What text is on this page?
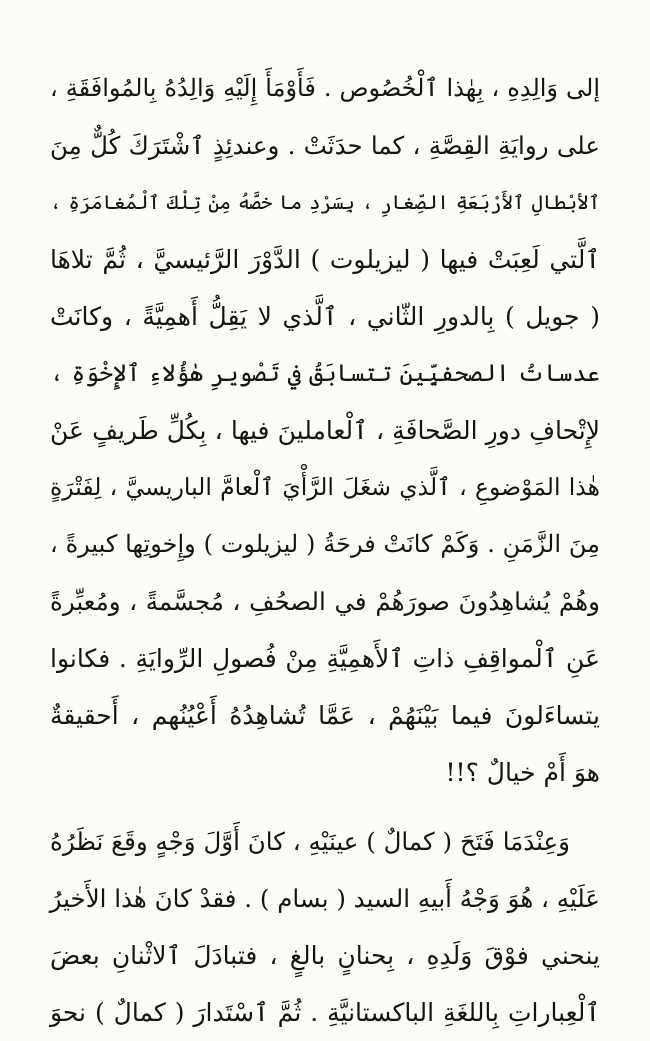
إلى وَالِدِهِ ، بِهٰذا ٱلْخُصُوص . فَأَوْمَأَ إِلَيْهِ وَالِدُهُ بِالمُوافَقَةِ ،
على روايَةِ القِصَّةِ ، كما حدَثَتْ . وعندئِذٍ ٱشْتَرَكَ كُلٌّ مِنَ
ٱلأبْطالِ ٱلأَرْبَعَةِ الصِّغارِ ، بِسَرْدِ ما خصَّهُ مِنْ تِلْكَ ٱلْمُغامَرَةِ ،
ٱلَّتي لَعِبَتْ فيها ( ليزيلوت ) الدَّوْرَ الرَّئيسيَّ ، ثُمَّ تلاهَا
( جويل ) بِالدورِ الثّاني ، ٱلَّذي لا يَقِلُّ أَهمِيَّةً ، وكانَتْ
عدساتُ الصحفيِّينَ تتسابَقُ في تَصْويرِ هٰؤُلاءِ ٱلإِخْوَةِ ،
لإِتْحافِ دورِ الصَّحافَةِ ، ٱلْعاملينَ فيها ، بِكُلِّ طَريفٍ عَنْ
هٰذا المَوْضوعِ ، ٱلَّذي شغَلَ الرَّأْيَ ٱلْعامَّ الباريسيَّ ، لِفَتْرَةٍ
مِنَ الزَّمَنِ . وَكَمْ كانَتْ فرحَةُ ( ليزيلوت ) وإِخوتِها كبيرةً ،
وهُمْ يُشاهِدُونَ صورَهُمْ في الصحُفِ ، مُجسَّمةً ، ومُعبِّرةً
عَنِ ٱلْمواقِفِ ذاتِ ٱلأَهمِيَّةِ مِنْ فُصولِ الرِّوايَةِ . فكانوا
يتساءَلونَ فيما بَيْنَهُمْ ، عَمَّا تُشاهِدُهُ أَعْيُنُهم ، أَحقيقةٌ
هوَ أَمْ خيالٌ ؟!!
وَعِنْدَمَا فَتَحَ ( كمالٌ ) عينَيْهِ ، كانَ أَوَّلَ وَجْهٍ وقَعَ نَظَرُهُ
عَلَيْهِ ، هُوَ وَجْهُ أَبيهِ السيد ( بسام ) . فقدْ كانَ هٰذا الأَخيرُ
ينحني فوْقَ وَلَدِهِ ، بِحنانٍ بالغٍ ، فتبادَلَ ٱلاثْنانِ بعضَ
ٱلْعِباراتِ بِاللغَةِ الباكستانيَّةِ . ثُمَّ ٱسْتَدارَ ( كمالٌ ) نحوَ
